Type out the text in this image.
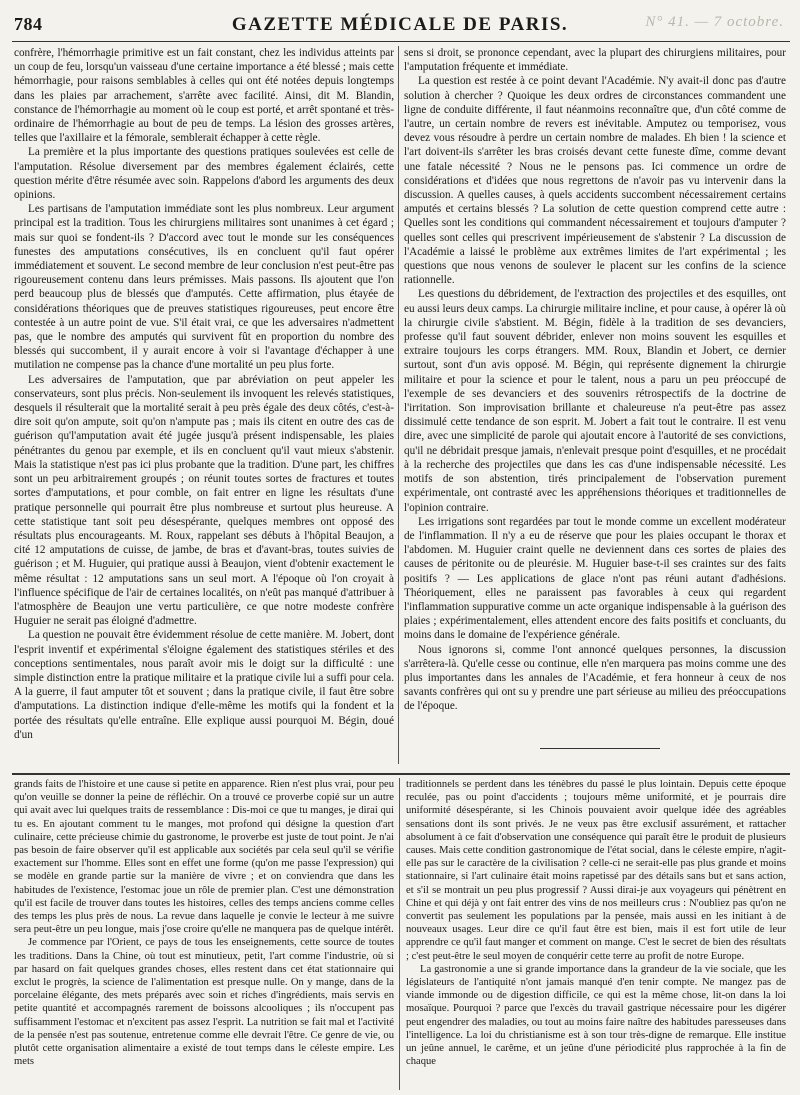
784	GAZETTE MÉDICALE DE PARIS.	N° 41. — 7 octobre.

confrère, l'hémorrhagie primitive est un fait constant, chez les individus atteints par un coup de feu, lorsqu'un vaisseau d'une certaine importance a été blessé ; mais cette hémorrhagie, pour raisons semblables à celles qui ont été notées depuis longtemps dans les plaies par arrachement, s'arrête avec facilité. Ainsi, dit M. Blandin, constance de l'hémorrhagie au moment où le coup est porté, et arrêt spontané et très-ordinaire de l'hémorrhagie au bout de peu de temps. La lésion des grosses artères, telles que l'axillaire et la fémorale, semblerait échapper à cette règle.

La première et la plus importante des questions pratiques soulevées est celle de l'amputation. Résolue diversement par des membres également éclairés, cette question mérite d'être résumée avec soin. Rappelons d'abord les arguments des deux opinions.

Les partisans de l'amputation immédiate sont les plus nombreux. Leur argument principal est la tradition. Tous les chirurgiens militaires sont unanimes à cet égard ; mais sur quoi se fondent-ils ? D'accord avec tout le monde sur les conséquences funestes des amputations consécutives, ils en concluent qu'il faut opérer immédiatement et souvent. Le second membre de leur conclusion n'est peut-être pas rigoureusement contenu dans leurs prémisses. Mais passons. Ils ajoutent que l'on perd beaucoup plus de blessés que d'amputés. Cette affirmation, plus étayée de considérations théoriques que de preuves statistiques rigoureuses, peut encore être contestée à un autre point de vue. S'il était vrai, ce que les adversaires n'admettent pas, que le nombre des amputés qui survivent fût en proportion du nombre des blessés qui succombent, il y aurait encore à voir si l'avantage d'échapper à une mutilation ne compense pas la chance d'une mortalité un peu plus forte.

Les adversaires de l'amputation, que par abréviation on peut appeler les conservateurs, sont plus précis. Non-seulement ils invoquent les relevés statistiques, desquels il résulterait que la mortalité serait à peu près égale des deux côtés, c'est-à-dire soit qu'on ampute, soit qu'on n'ampute pas ; mais ils citent en outre des cas de guérison qu'l'amputation avait été jugée jusqu'à présent indispensable, les plaies pénétrantes du genou par exemple, et ils en concluent qu'il vaut mieux s'abstenir. Mais la statistique n'est pas ici plus probante que la tradition. D'une part, les chiffres sont un peu arbitrairement groupés ; on réunit toutes sortes de fractures et toutes sortes d'amputations, et pour comble, on fait entrer en ligne les résultats d'une pratique personnelle qui pourrait être plus nombreuse et surtout plus heureuse. A cette statistique tant soit peu désespérante, quelques membres ont opposé des résultats plus encourageants. M. Roux, rappelant ses débuts à l'hôpital Beaujon, a cité 12 amputations de cuisse, de jambe, de bras et d'avant-bras, toutes suivies de guérison ; et M. Huguier, qui pratique aussi à Beaujon, vient d'obtenir exactement le même résultat : 12 amputations sans un seul mort. A l'époque où l'on croyait à l'influence spécifique de l'air de certaines localités, on n'eût pas manqué d'attribuer à l'atmosphère de Beaujon une vertu particulière, ce que notre modeste confrère Huguier ne serait pas éloigné d'admettre.

La question ne pouvait être évidemment résolue de cette manière. M. Jobert, dont l'esprit inventif et expérimental s'éloigne également des statistiques stériles et des conceptions sentimentales, nous paraît avoir mis le doigt sur la difficulté : une simple distinction entre la pratique militaire et la pratique civile lui a suffi pour cela. A la guerre, il faut amputer tôt et souvent ; dans la pratique civile, il faut être sobre d'amputations. La distinction indique d'elle-même les motifs qui la fondent et la portée des résultats qu'elle entraîne. Elle explique aussi pourquoi M. Bégin, doué d'un

sens si droit, se prononce cependant, avec la plupart des chirurgiens militaires, pour l'amputation fréquente et immédiate.

La question est restée à ce point devant l'Académie. N'y avait-il donc pas d'autre solution à chercher ? Quoique les deux ordres de circonstances commandent une ligne de conduite différente, il faut néanmoins reconnaître que, d'un côté comme de l'autre, un certain nombre de revers est inévitable. Amputez ou temporisez, vous devez vous résoudre à perdre un certain nombre de malades. Eh bien ! la science et l'art doivent-ils s'arrêter les bras croisés devant cette funeste dîme, comme devant une fatale nécessité ? Nous ne le pensons pas. Ici commence un ordre de considérations et d'idées que nous regrettons de n'avoir pas vu intervenir dans la discussion. A quelles causes, à quels accidents succombent nécessairement certains amputés et certains blessés ? La solution de cette question comprend cette autre : Quelles sont les conditions qui commandent nécessairement et toujours d'amputer ? quelles sont celles qui prescrivent impérieusement de s'abstenir ? La discussion de l'Académie a laissé le problème aux extrêmes limites de l'art expérimental ; les questions que nous venons de soulever le placent sur les confins de la science rationnelle.

Les questions du débridement, de l'extraction des projectiles et des esquilles, ont eu aussi leurs deux camps. La chirurgie militaire incline, et pour cause, à opérer là où la chirurgie civile s'abstient. M. Bégin, fidèle à la tradition de ses devanciers, professe qu'il faut souvent débrider, enlever non moins souvent les esquilles et extraire toujours les corps étrangers. MM. Roux, Blandin et Jobert, ce dernier surtout, sont d'un avis opposé. M. Bégin, qui représente dignement la chirurgie militaire et pour la science et pour le talent, nous a paru un peu préoccupé de l'exemple de ses devanciers et des souvenirs rétrospectifs de la doctrine de l'irritation. Son improvisation brillante et chaleureuse n'a peut-être pas assez dissimulé cette tendance de son esprit. M. Jobert a fait tout le contraire. Il est venu dire, avec une simplicité de parole qui ajoutait encore à l'autorité de ses convictions, qu'il ne débridait presque jamais, n'enlevait presque point d'esquilles, et ne procédait à la recherche des projectiles que dans les cas d'une indispensable nécessité. Les motifs de son abstention, tirés principalement de l'observation purement expérimentale, ont contrasté avec les appréhensions théoriques et traditionnelles de l'opinion contraire.

Les irrigations sont regardées par tout le monde comme un excellent modérateur de l'inflammation. Il n'y a eu de réserve que pour les plaies occupant le thorax et l'abdomen. M. Huguier craint quelle ne deviennent dans ces sortes de plaies des causes de péritonite ou de pleurésie. M. Huguier base-t-il ses craintes sur des faits positifs ? — Les applications de glace n'ont pas réuni autant d'adhésions. Théoriquement, elles ne paraissent pas favorables à ceux qui regardent l'inflammation suppurative comme un acte organique indispensable à la guérison des plaies ; expérimentalement, elles attendent encore des faits positifs et concluants, du moins dans le domaine de l'expérience générale.

Nous ignorons si, comme l'ont annoncé quelques personnes, la discussion s'arrêtera-là. Qu'elle cesse ou continue, elle n'en marquera pas moins comme une des plus importantes dans les annales de l'Académie, et fera honneur à ceux de nos savants confrères qui ont su y prendre une part sérieuse au milieu des préoccupations de l'époque.

grands faits de l'histoire et une cause si petite en apparence. Rien n'est plus vrai, pour peu qu'on veuille se donner la peine de réfléchir. On a trouvé ce proverbe copié sur un autre qui avait avec lui quelques traits de ressemblance : Dis-moi ce que tu manges, je dirai qui tu es. En ajoutant comment tu le manges, mot profond qui désigne la question d'art culinaire, cette précieuse chimie du gastronome, le proverbe est juste de tout point. Je n'ai pas besoin de faire observer qu'il est applicable aux sociétés par cela seul qu'il se vérifie exactement sur l'homme. Elles sont en effet une forme (qu'on me passe l'expression) qui se modèle en grande partie sur la manière de vivre ; et on conviendra que dans les habitudes de l'existence, l'estomac joue un rôle de premier plan. C'est une démonstration qu'il est facile de trouver dans toutes les histoires, celles des temps anciens comme celles des temps les plus près de nous. La revue dans laquelle je convie le lecteur à me suivre sera peut-être un peu longue, mais j'ose croire qu'elle ne manquera pas de quelque intérêt.

Je commence par l'Orient, ce pays de tous les enseignements, cette source de toutes les traditions. Dans la Chine, où tout est minutieux, petit, l'art comme l'industrie, où si par hasard on fait quelques grandes choses, elles restent dans cet état stationnaire qui exclut le progrès, la science de l'alimentation est presque nulle. On y mange, dans de la porcelaine élégante, des mets préparés avec soin et riches d'ingrédients, mais servis en petite quantité et accompagnés rarement de boissons alcooliques ; ils n'occupent pas suffisamment l'estomac et n'excitent pas assez l'esprit. La nutrition se fait mal et l'activité de la pensée n'est pas soutenue, entretenue comme elle devrait l'être. Ce genre de vie, ou plutôt cette organisation alimentaire a existé de tout temps dans le céleste empire. Les mets

traditionnels se perdent dans les ténèbres du passé le plus lointain. Depuis cette époque reculée, pas ou point d'accidents ; toujours même uniformité, et je pourrais dire uniformité désespérante, si les Chinois pouvaient avoir quelque idée des agréables sensations dont ils sont privés. Je ne veux pas être exclusif assurément, et rattacher absolument à ce fait d'observation une conséquence qui paraît être le produit de plusieurs causes. Mais cette condition gastronomique de l'état social, dans le céleste empire, n'agit-elle pas sur le caractère de la civilisation ? celle-ci ne serait-elle pas plus grande et moins stationnaire, si l'art culinaire était moins rapetissé par des détails sans but et sans action, et s'il se montrait un peu plus progressif ? Aussi dirai-je aux voyageurs qui pénètrent en Chine et qui déjà y ont fait entrer des vins de nos meilleurs crus : N'oubliez pas qu'on ne convertit pas seulement les populations par la pensée, mais aussi en les initiant à de nouveaux usages. Leur dire ce qu'il faut être est bien, mais il est fort utile de leur apprendre ce qu'il faut manger et comment on mange. C'est le secret de bien des résultats ; c'est peut-être le seul moyen de conquérir cette terre au profit de notre Europe.

La gastronomie a une si grande importance dans la grandeur de la vie sociale, que les législateurs de l'antiquité n'ont jamais manqué d'en tenir compte. Ne mangez pas de viande immonde ou de digestion difficile, ce qui est la même chose, lit-on dans la loi mosaïque. Pourquoi ? parce que l'excès du travail gastrique nécessaire pour les digérer peut engendrer des maladies, ou tout au moins faire naître des habitudes paresseuses dans l'intelligence. La loi du christianisme est à son tour très-digne de remarque. Elle institue un jeûne annuel, le carême, et un jeûne d'une périodicité plus rapprochée à la fin de chaque
